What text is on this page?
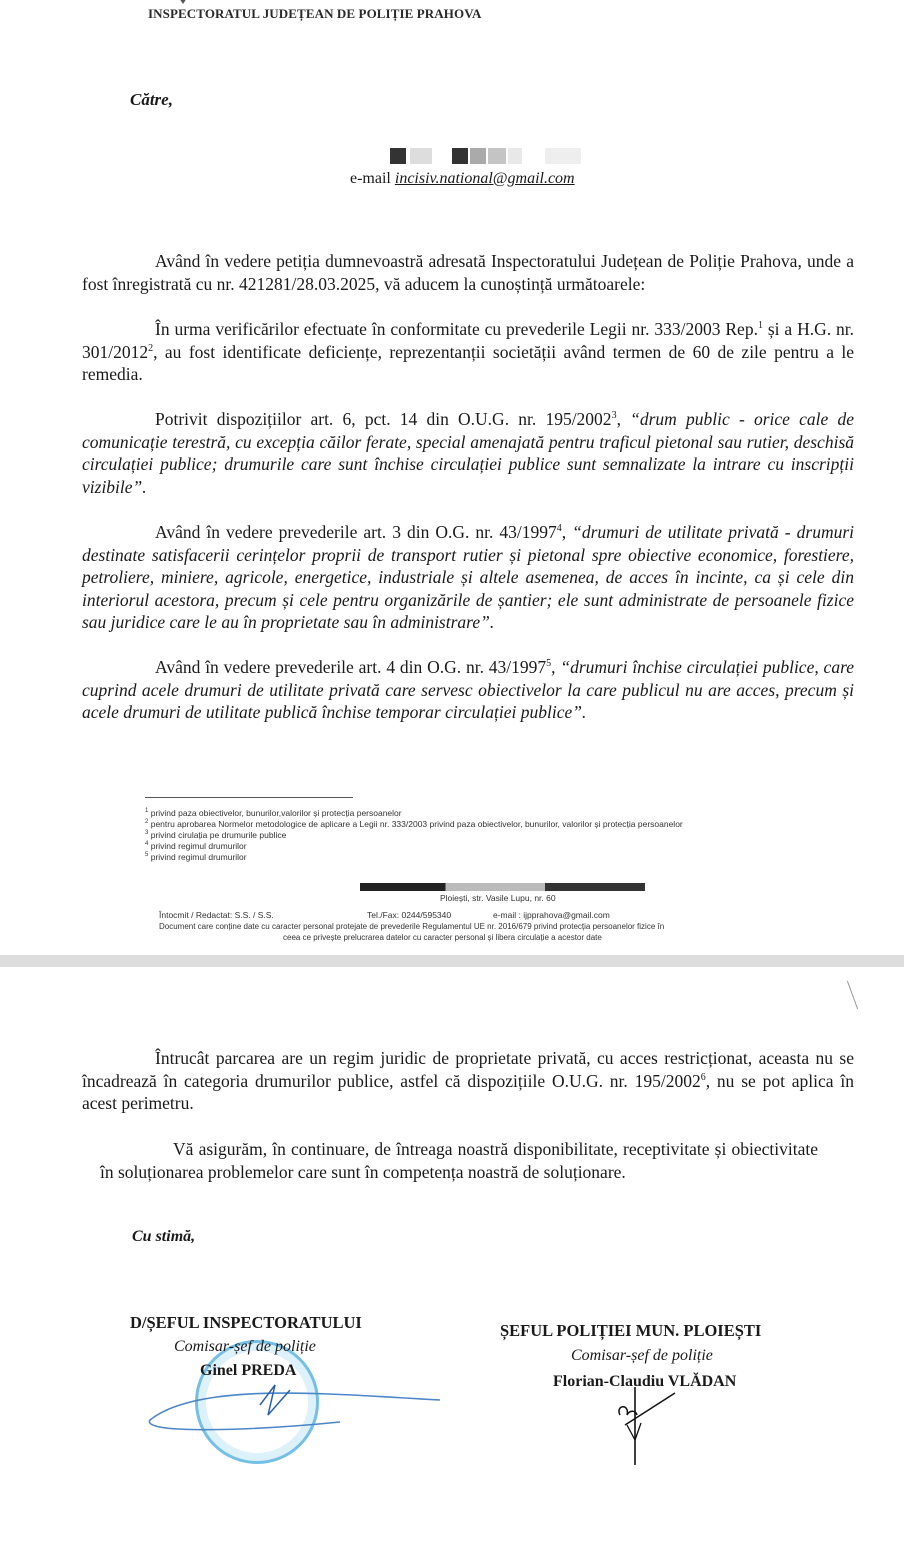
INSPECTORATUL JUDEȚEAN DE POLIȚIE PRAHOVA
Către,
e-mail incisiv.national@gmail.com
Având în vedere petiția dumnevoastră adresată Inspectoratului Județean de Poliție Prahova, unde a fost înregistrată cu nr. 421281/28.03.2025, vă aducem la cunoștință următoarele:
În urma verificărilor efectuate în conformitate cu prevederile Legii nr. 333/2003 Rep.$^1$ și a H.G. nr. 301/2012$^2$, au fost identificate deficiențe, reprezentanții societății având termen de 60 de zile pentru a le remedia.
Potrivit dispozițiilor art. 6, pct. 14 din O.U.G. nr. 195/2002$^3$, “drum public - orice cale de comunicație terestră, cu excepția căilor ferate, special amenajată pentru traficul pietonal sau rutier, deschisă circulației publice; drumurile care sunt închise circulației publice sunt semnalizate la intrare cu inscripții vizibile”.
Având în vedere prevederile art. 3 din O.G. nr. 43/1997$^4$, “drumuri de utilitate privată - drumuri destinate satisfacerii cerințelor proprii de transport rutier și pietonal spre obiective economice, forestiere, petroliere, miniere, agricole, energetice, industriale și altele asemenea, de acces în incinte, ca și cele din interiorul acestora, precum și cele pentru organizările de șantier; ele sunt administrate de persoanele fizice sau juridice care le au în proprietate sau în administrare”.
Având în vedere prevederile art. 4 din O.G. nr. 43/1997$^5$, “drumuri închise circulației publice, care cuprind acele drumuri de utilitate privată care servesc obiectivelor la care publicul nu are acces, precum și acele drumuri de utilitate publică închise temporar circulației publice”.
$^1$ privind paza obiectivelor, bunurilor,valorilor și protecția persoanelor
$^2$ pentru aprobarea Normelor metodologice de aplicare a Legii nr. 333/2003 privind paza obiectivelor, bunurilor, valorilor și protecția persoanelor
$^3$ privind cirulația pe drumurile publice
$^4$ privind regimul drumurilor
$^5$ privind regimul drumurilor
Ploiești, str. Vasile Lupu, nr. 60
Întocmit / Redactat: S.S. / S.S.	Tel./Fax: 0244/595340	e-mail : ijpprahova@gmail.com
Document care conține date cu caracter personal protejate de prevederile Regulamentul UE nr. 2016/679 privind protecția persoanelor fizice în
ceea ce privește prelucrarea datelor cu caracter personal și libera circulație a acestor date
Întrucât parcarea are un regim juridic de proprietate privată, cu acces restricționat, aceasta nu se încadrează în categoria drumurilor publice, astfel că dispozițiile O.U.G. nr. 195/2002$^6$, nu se pot aplica în acest perimetru.
Vă asigurăm, în continuare, de întreaga noastră disponibilitate, receptivitate și obiectivitate în soluționarea problemelor care sunt în competența noastră de soluționare.
Cu stimă,
D/ȘEFUL INSPECTORATULUI
Comisar-șef de poliție
Ginel PREDA
ȘEFUL POLIȚIEI MUN. PLOIEȘTI
Comisar-șef de poliție
Florian-Claudiu VLĂDAN
